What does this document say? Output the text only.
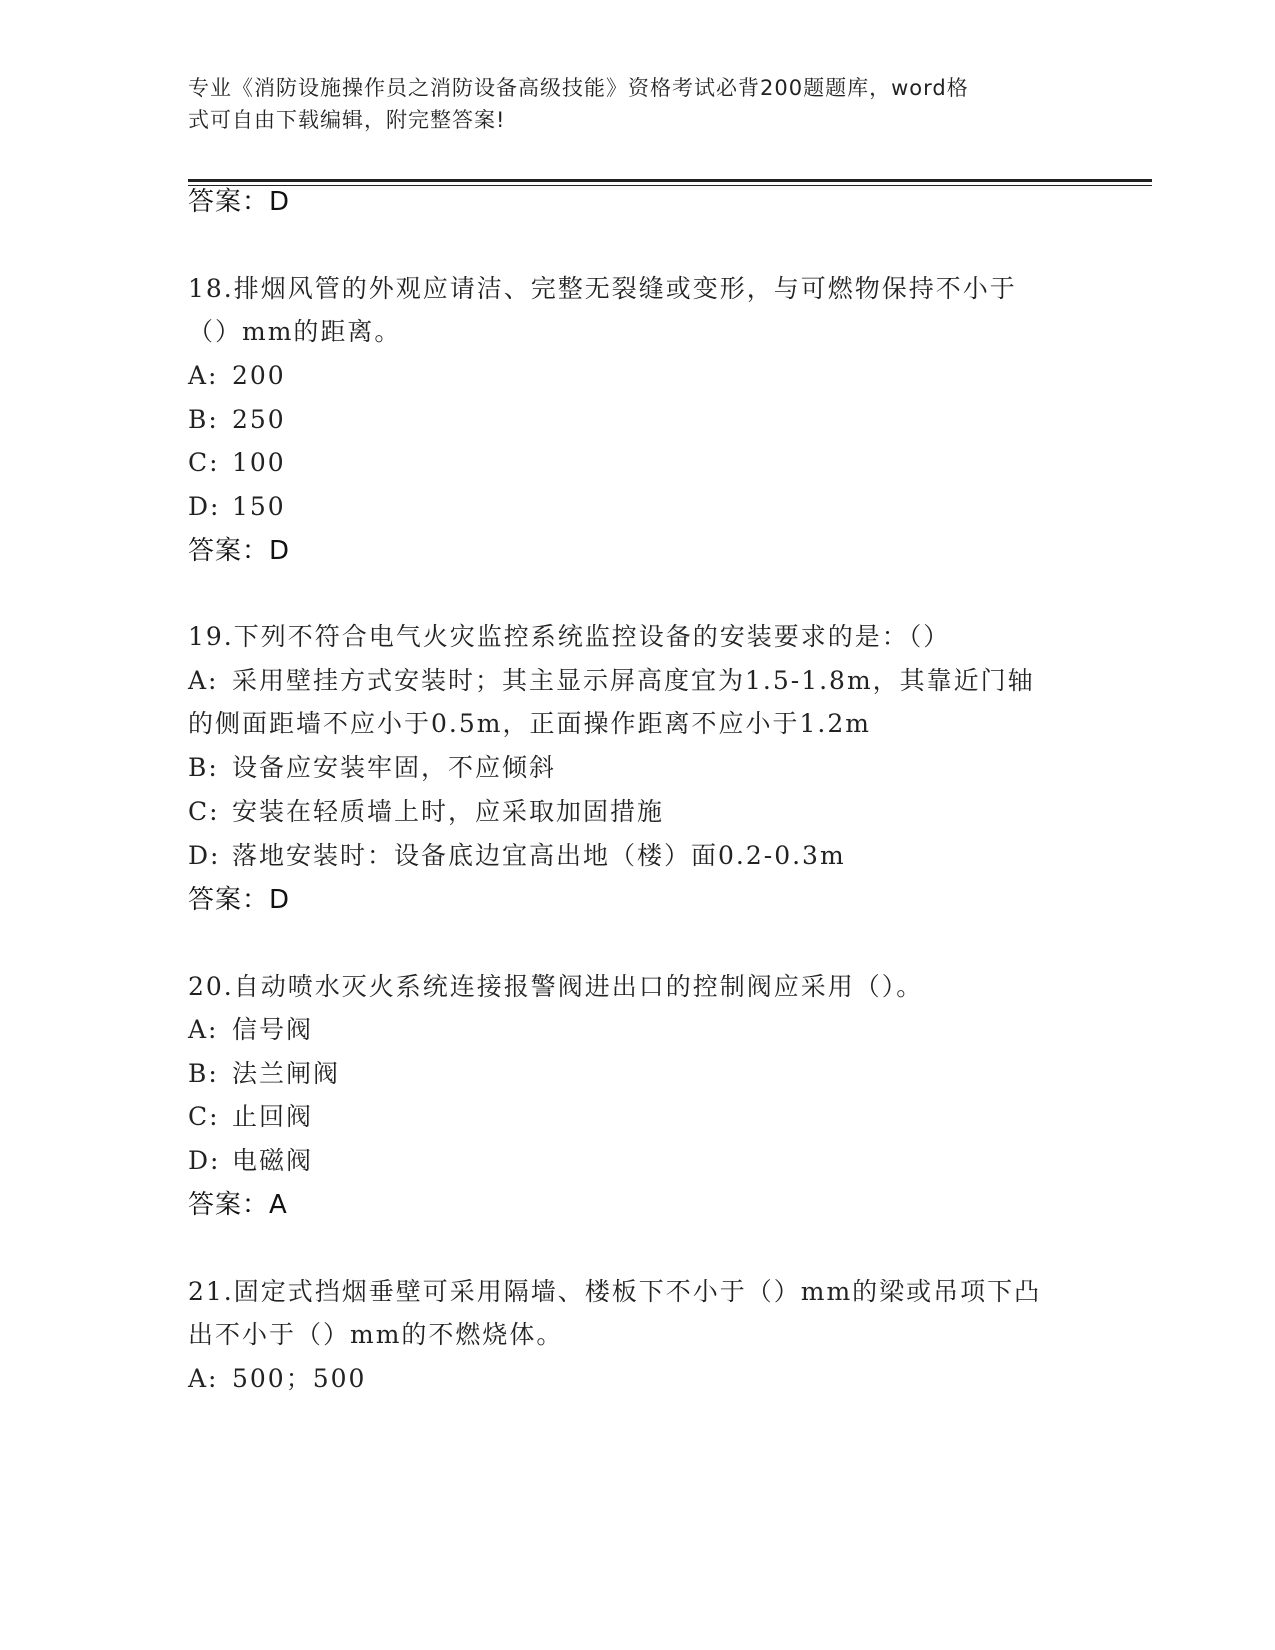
专业《消防设施操作员之消防设备高级技能》资格考试必背200题题库，word格
式可自由下载编辑，附完整答案!
答案：D
18.排烟风管的外观应请洁、完整无裂缝或变形，与可燃物保持不小于
（）mm的距离。
A: 200
B: 250
C: 100
D: 150
答案：D
19.下列不符合电气火灾监控系统监控设备的安装要求的是：（）
A: 采用壁挂方式安装时；其主显示屏高度宜为1.5-1.8m，其靠近门轴
的侧面距墙不应小于0.5m，正面操作距离不应小于1.2m
B: 设备应安装牢固，不应倾斜
C: 安装在轻质墙上时，应采取加固措施
D: 落地安装时：设备底边宜高出地（楼）面0.2-0.3m
答案：D
20.自动喷水灭火系统连接报警阀进出口的控制阀应采用（）。
A: 信号阀
B: 法兰闸阀
C: 止回阀
D: 电磁阀
答案：A
21.固定式挡烟垂壁可采用隔墙、楼板下不小于（）mm的梁或吊项下凸
出不小于（）mm的不燃烧体。
A: 500；500
